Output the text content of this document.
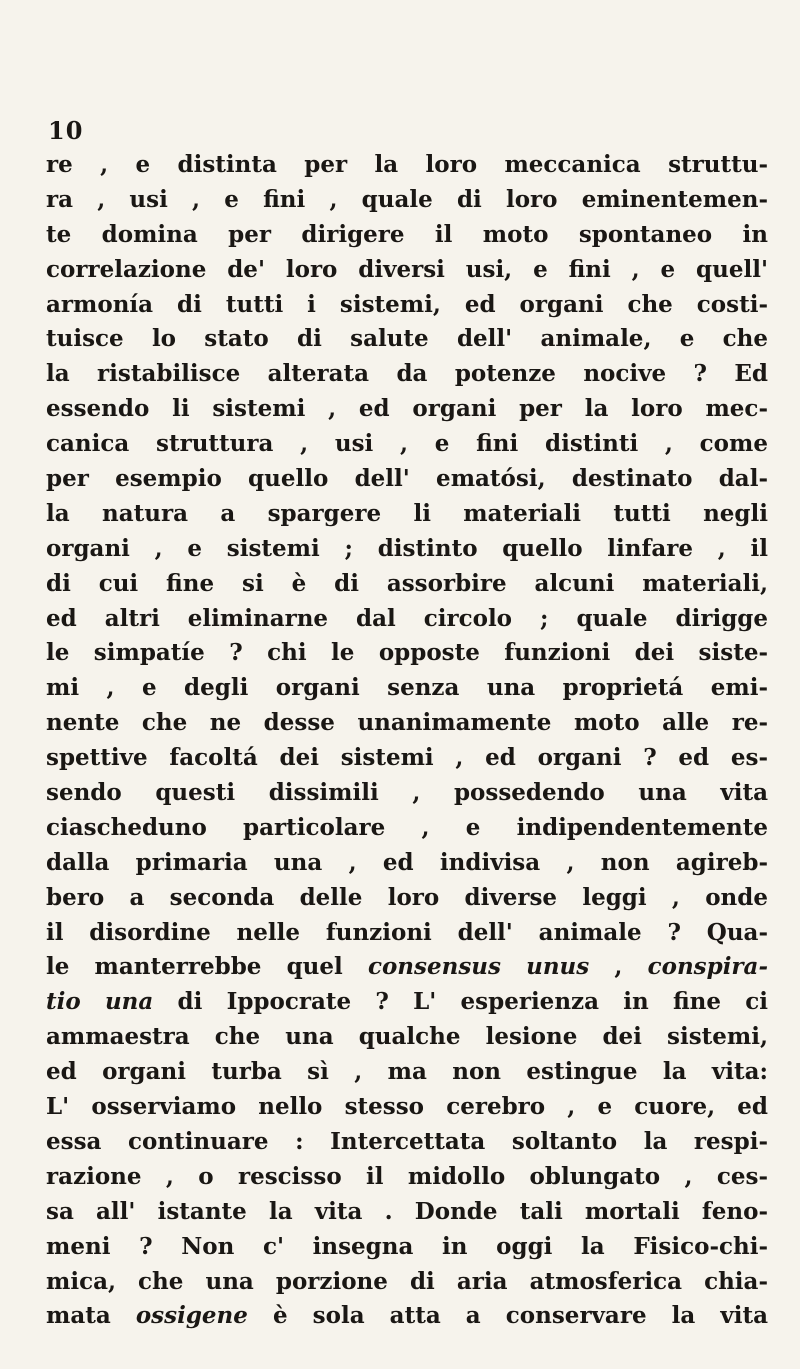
10
re , e distinta per la loro meccanica struttu-
ra , usi , e fini , quale di loro eminentemen-
te domina per dirigere il moto spontaneo in
correlazione de' loro diversi usi, e fini , e quell'
armonía di tutti i sistemi, ed organi che costi-
tuisce lo stato di salute dell' animale, e che
la ristabilisce alterata da potenze nocive ? Ed
essendo li sistemi , ed organi per la loro mec-
canica struttura , usi , e fini distinti , come
per esempio quello dell' ematósi, destinato dal-
la natura a spargere li materiali tutti negli
organi , e sistemi ; distinto quello linfare , il
di cui fine si è di assorbire alcuni materiali,
ed altri eliminarne dal circolo ; quale dirigge
le simpatíe ? chi le opposte funzioni dei siste-
mi , e degli organi senza una proprietá emi-
nente che ne desse unanimamente moto alle re-
spettive facoltá dei sistemi , ed organi ? ed es-
sendo questi dissimili , possedendo una vita
ciascheduno particolare , e indipendentemente
dalla primaria una , ed indivisa , non agireb-
bero a seconda delle loro diverse leggi , onde
il disordine nelle funzioni dell' animale ? Qua-
le manterrebbe quel consensus unus , conspira-
tio una di Ippocrate ? L' esperienza in fine ci
ammaestra che una qualche lesione dei sistemi,
ed organi turba sì , ma non estingue la vita:
L' osserviamo nello stesso cerebro , e cuore, ed
essa continuare : Intercettata soltanto la respi-
razione , o rescisso il midollo oblungato , ces-
sa all' istante la vita . Donde tali mortali feno-
meni ? Non c' insegna in oggi la Fisico-chi-
mica, che una porzione di aria atmosferica chia-
mata ossigene è sola atta a conservare la vita
